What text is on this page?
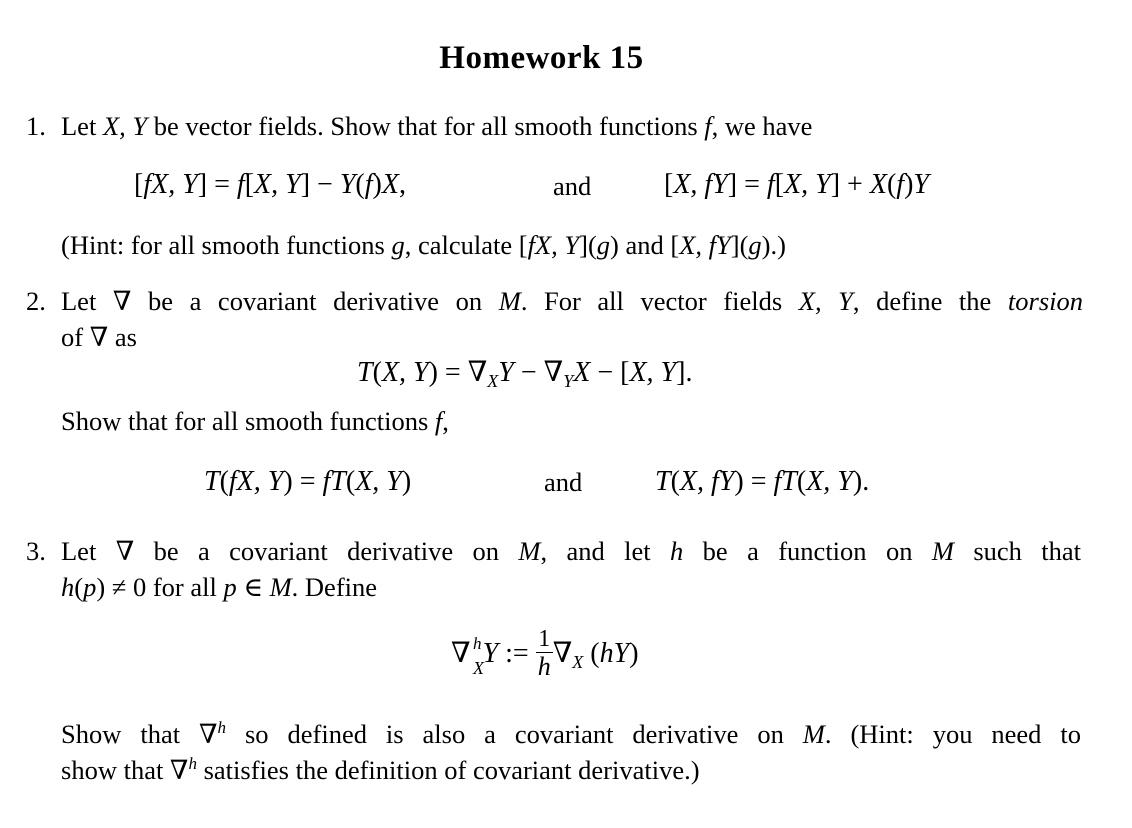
Homework 15
1. Let X, Y be vector fields. Show that for all smooth functions f, we have
[fX, Y] = f[X, Y] − Y(f)X,	and	[X, fY] = f[X, Y] + X(f)Y
(Hint: for all smooth functions g, calculate [fX, Y](g) and [X, fY](g).)
2. Let ∇ be a covariant derivative on M. For all vector fields X, Y, define the torsion
of ∇ as
T(X, $Y) = \nabla_XY - \nabla_YX - [X$, Y].
Show that for all smooth functions f,
T(fX, Y) = fT(X, Y)	and	T(X, fY) = fT(X, Y).
3. Let ∇ be a covariant derivative on M, and let h be a function on M such that
h(p) ≠ 0 for all p ∈ M. Define
∇ h
X
Y := $\frac{1}{h} \nabla_X$ (hY)
Show that ∇$^h$ so defined is also a covariant derivative on M. (Hint: you need to
show that ∇$^h$ satisfies the definition of covariant derivative.)
